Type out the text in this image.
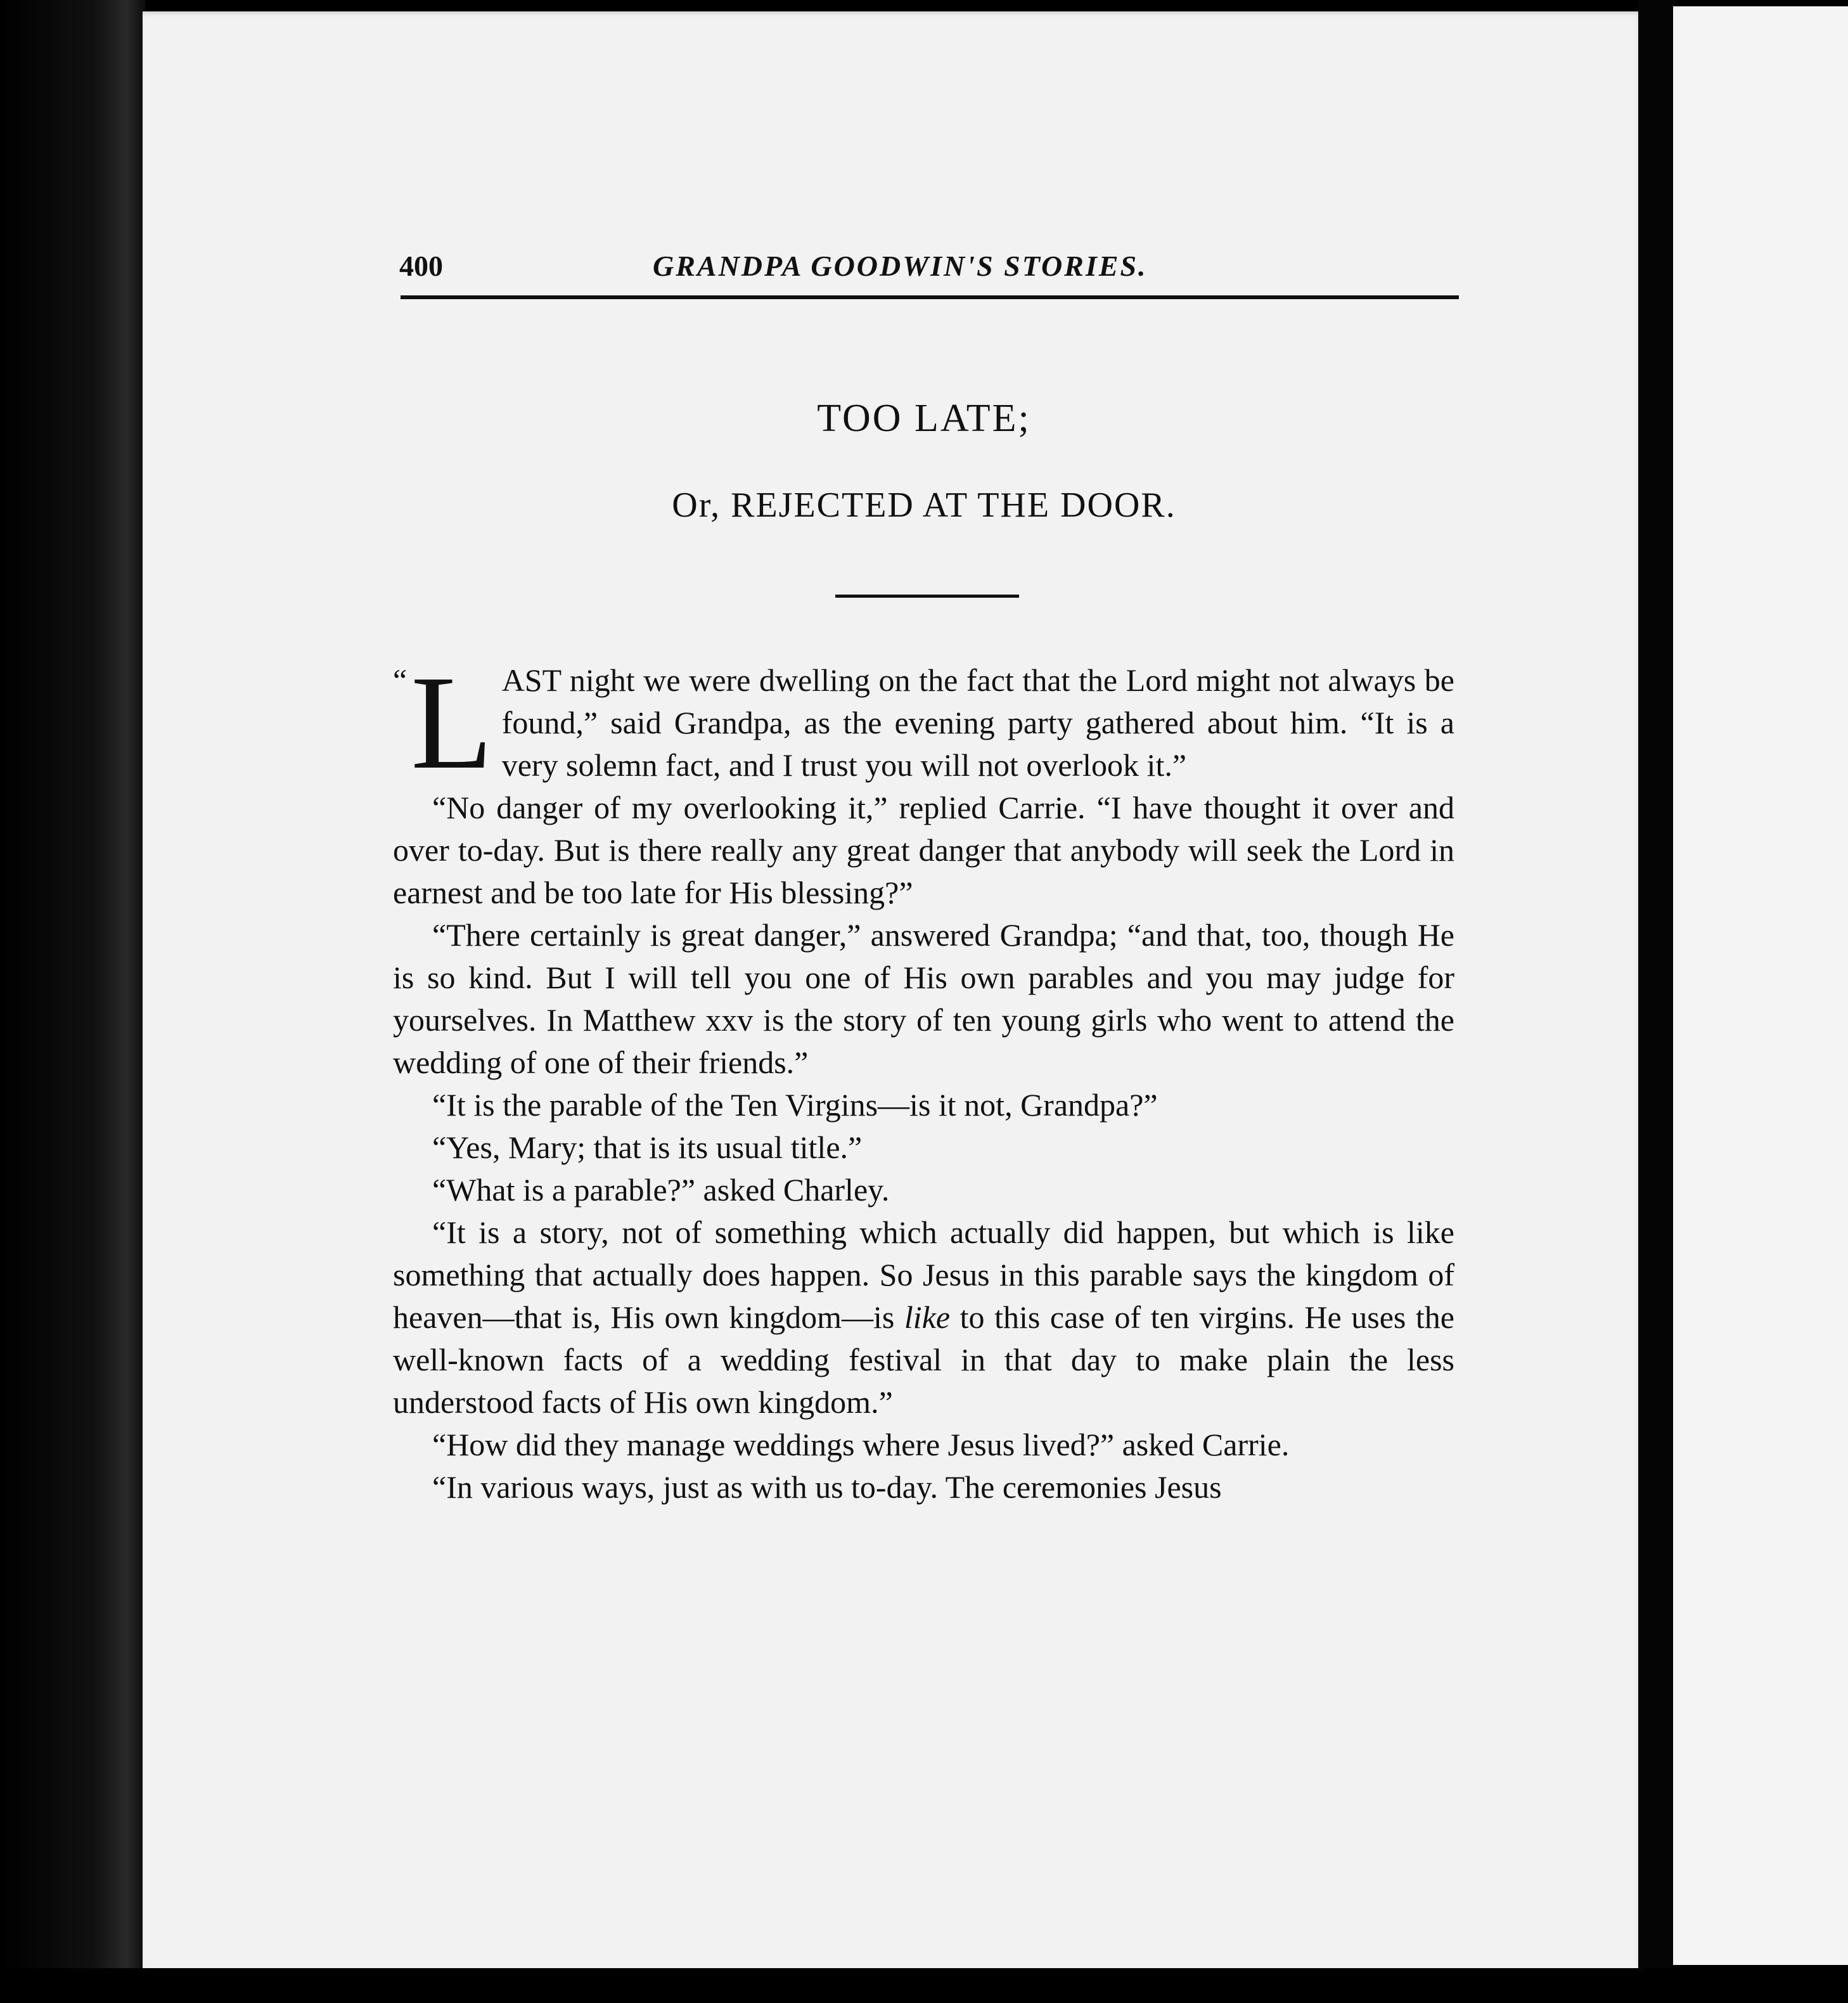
400	GRANDPA GOODWIN'S STORIES.
TOO LATE;
Or, REJECTED AT THE DOOR.

“ L AST night we were dwelling on the fact that the Lord might not always be found,” said Grandpa, as the evening party gathered about him. “It is a very solemn fact, and I trust you will not overlook it.”

“No danger of my overlooking it,” replied Carrie. “I have thought it over and over to-day. But is there really any great danger that anybody will seek the Lord in earnest and be too late for His blessing?”

“There certainly is great danger,” answered Grandpa; “and that, too, though He is so kind. But I will tell you one of His own parables and you may judge for yourselves. In Matthew xxv is the story of ten young girls who went to attend the wedding of one of their friends.”

“It is the parable of the Ten Virgins—is it not, Grandpa?”

“Yes, Mary; that is its usual title.”

“What is a parable?” asked Charley.

“It is a story, not of something which actually did happen, but which is like something that actually does happen. So Jesus in this parable says the kingdom of heaven—that is, His own kingdom—is like to this case of ten virgins. He uses the well-known facts of a wedding festival in that day to make plain the less understood facts of His own kingdom.”

“How did they manage weddings where Jesus lived?” asked Carrie.

“In various ways, just as with us to-day. The ceremonies Jesus
